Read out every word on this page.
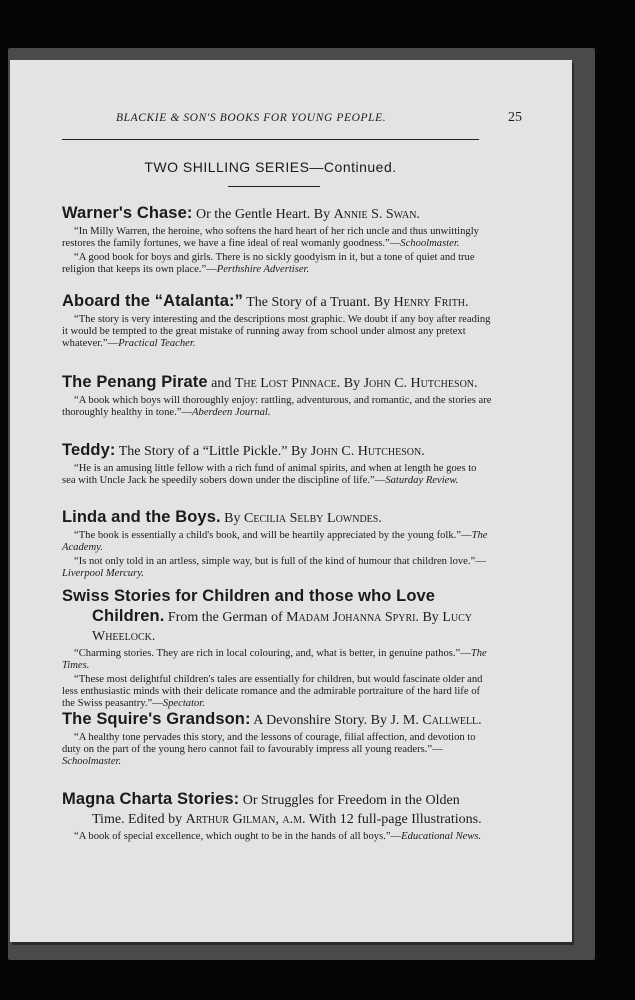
BLACKIE & SON'S BOOKS FOR YOUNG PEOPLE.	25
TWO SHILLING SERIES—Continued.
Warner's Chase: Or the Gentle Heart. By Annie S. Swan.
“In Milly Warren, the heroine, who softens the hard heart of her rich uncle and thus unwittingly restores the family fortunes, we have a fine ideal of real womanly goodness.”—Schoolmaster.
“A good book for boys and girls. There is no sickly goodyism in it, but a tone of quiet and true religion that keeps its own place.”—Perthshire Advertiser.
Aboard the “Atalanta:” The Story of a Truant. By Henry Frith.
“The story is very interesting and the descriptions most graphic. We doubt if any boy after reading it would be tempted to the great mistake of running away from school under almost any pretext whatever.”—Practical Teacher.
The Penang Pirate and The Lost Pinnace. By John C. Hutcheson.
“A book which boys will thoroughly enjoy: rattling, adventurous, and romantic, and the stories are thoroughly healthy in tone.”—Aberdeen Journal.
Teddy: The Story of a “Little Pickle.” By John C. Hutcheson.
“He is an amusing little fellow with a rich fund of animal spirits, and when at length he goes to sea with Uncle Jack he speedily sobers down under the discipline of life.”—Saturday Review.
Linda and the Boys. By Cecilia Selby Lowndes.
“The book is essentially a child's book, and will be heartily appreciated by the young folk.”—The Academy.
“Is not only told in an artless, simple way, but is full of the kind of humour that children love.”—Liverpool Mercury.
Swiss Stories for Children and those who Love Children. From the German of Madam Johanna Spyri. By Lucy Wheelock.
“Charming stories. They are rich in local colouring, and, what is better, in genuine pathos.”—The Times.
“These most delightful children's tales are essentially for children, but would fascinate older and less enthusiastic minds with their delicate romance and the admirable portraiture of the hard life of the Swiss peasantry.”—Spectator.
The Squire's Grandson: A Devonshire Story. By J. M. Callwell.
“A healthy tone pervades this story, and the lessons of courage, filial affection, and devotion to duty on the part of the young hero cannot fail to favourably impress all young readers.”—Schoolmaster.
Magna Charta Stories: Or Struggles for Freedom in the Olden Time. Edited by Arthur Gilman, a.m. With 12 full-page Illustrations.
“A book of special excellence, which ought to be in the hands of all boys.”—Educational News.
